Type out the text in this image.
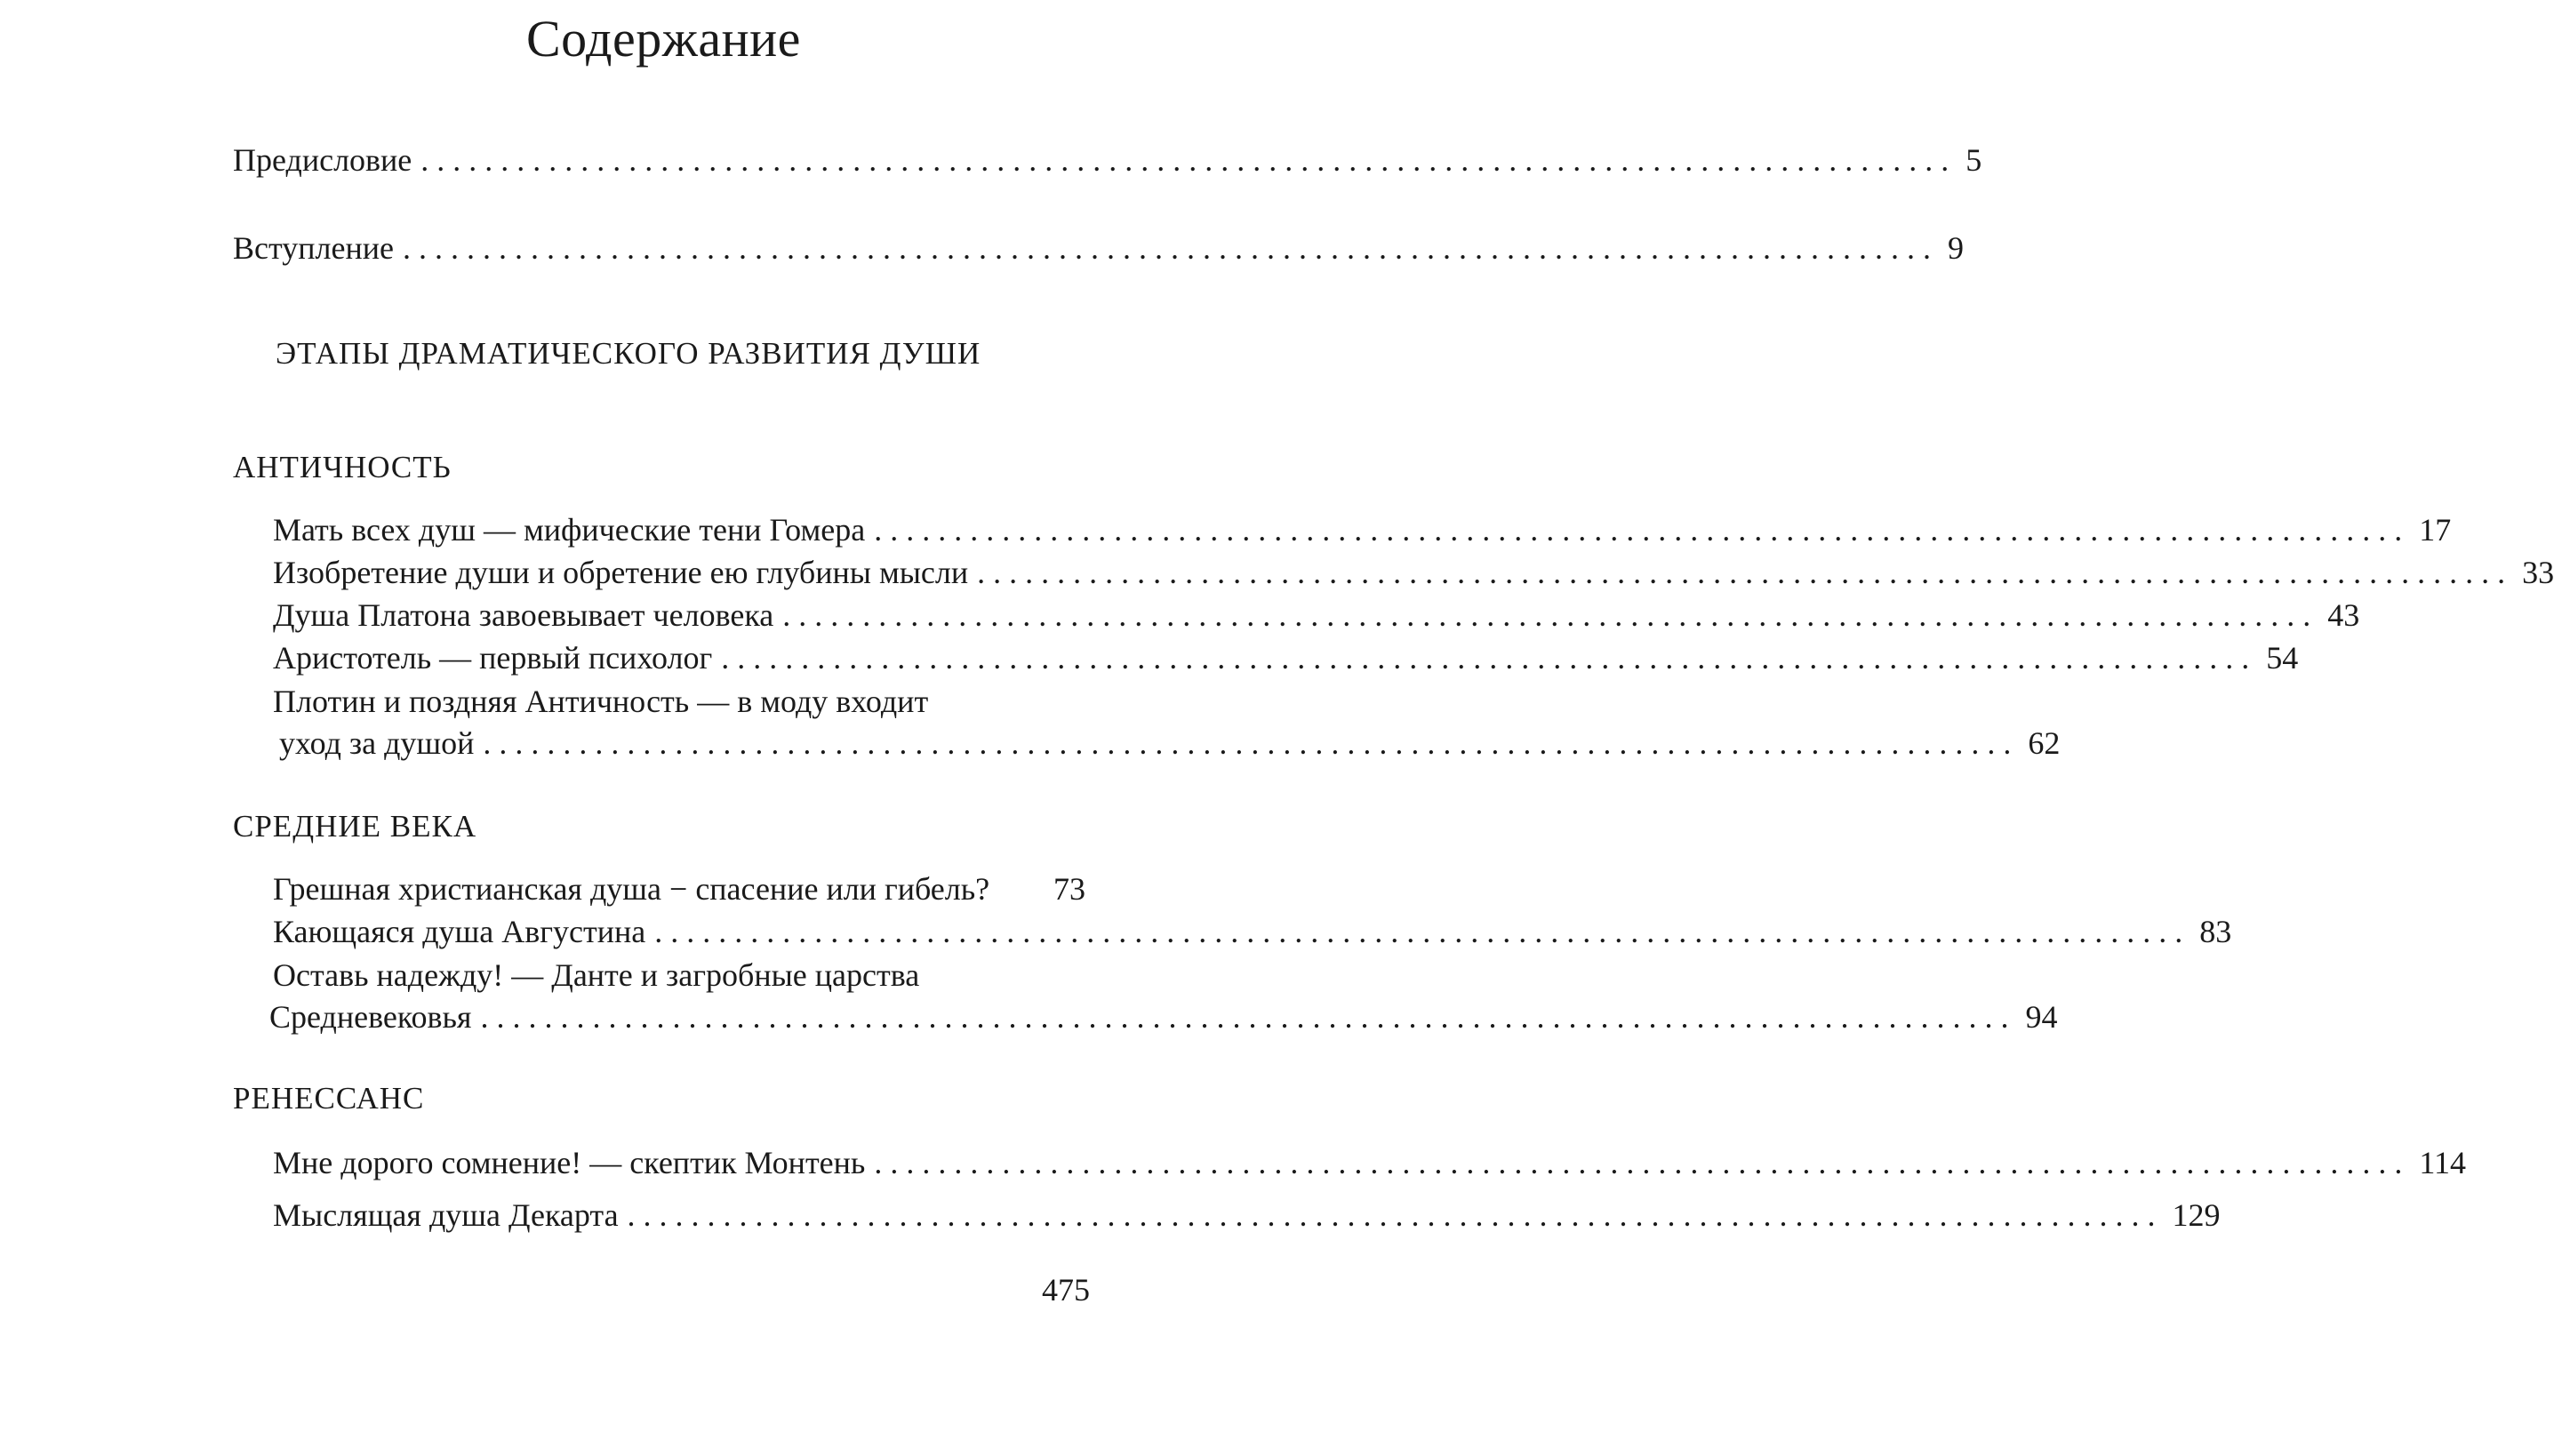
Содержание
Предисловие ................................................................................................ 5
Вступление ................................................................................................ 9
ЭТАПЫ ДРАМАТИЧЕСКОГО РАЗВИТИЯ ДУШИ
АНТИЧНОСТЬ
Мать всех душ — мифические тени Гомера ................................................................................................ 17
Изобретение души и обретение ею глубины мысли ................................................................................................ 33
Душа Платона завоевывает человека ................................................................................................ 43
Аристотель — первый психолог ................................................................................................ 54
Плотин и поздняя Античность — в моду входит
уход за душой ................................................................................................ 62
СРЕДНИЕ ВЕКА
Грешная христианская душа − спасение или гибель? 73
Кающаяся душа Августина ................................................................................................ 83
Оставь надежду! — Данте и загробные царства
Средневековья ................................................................................................ 94
РЕНЕССАНС
Мне дорого сомнение! — скептик Монтень ................................................................................................ 114
Мыслящая душа Декарта ................................................................................................ 129
475
